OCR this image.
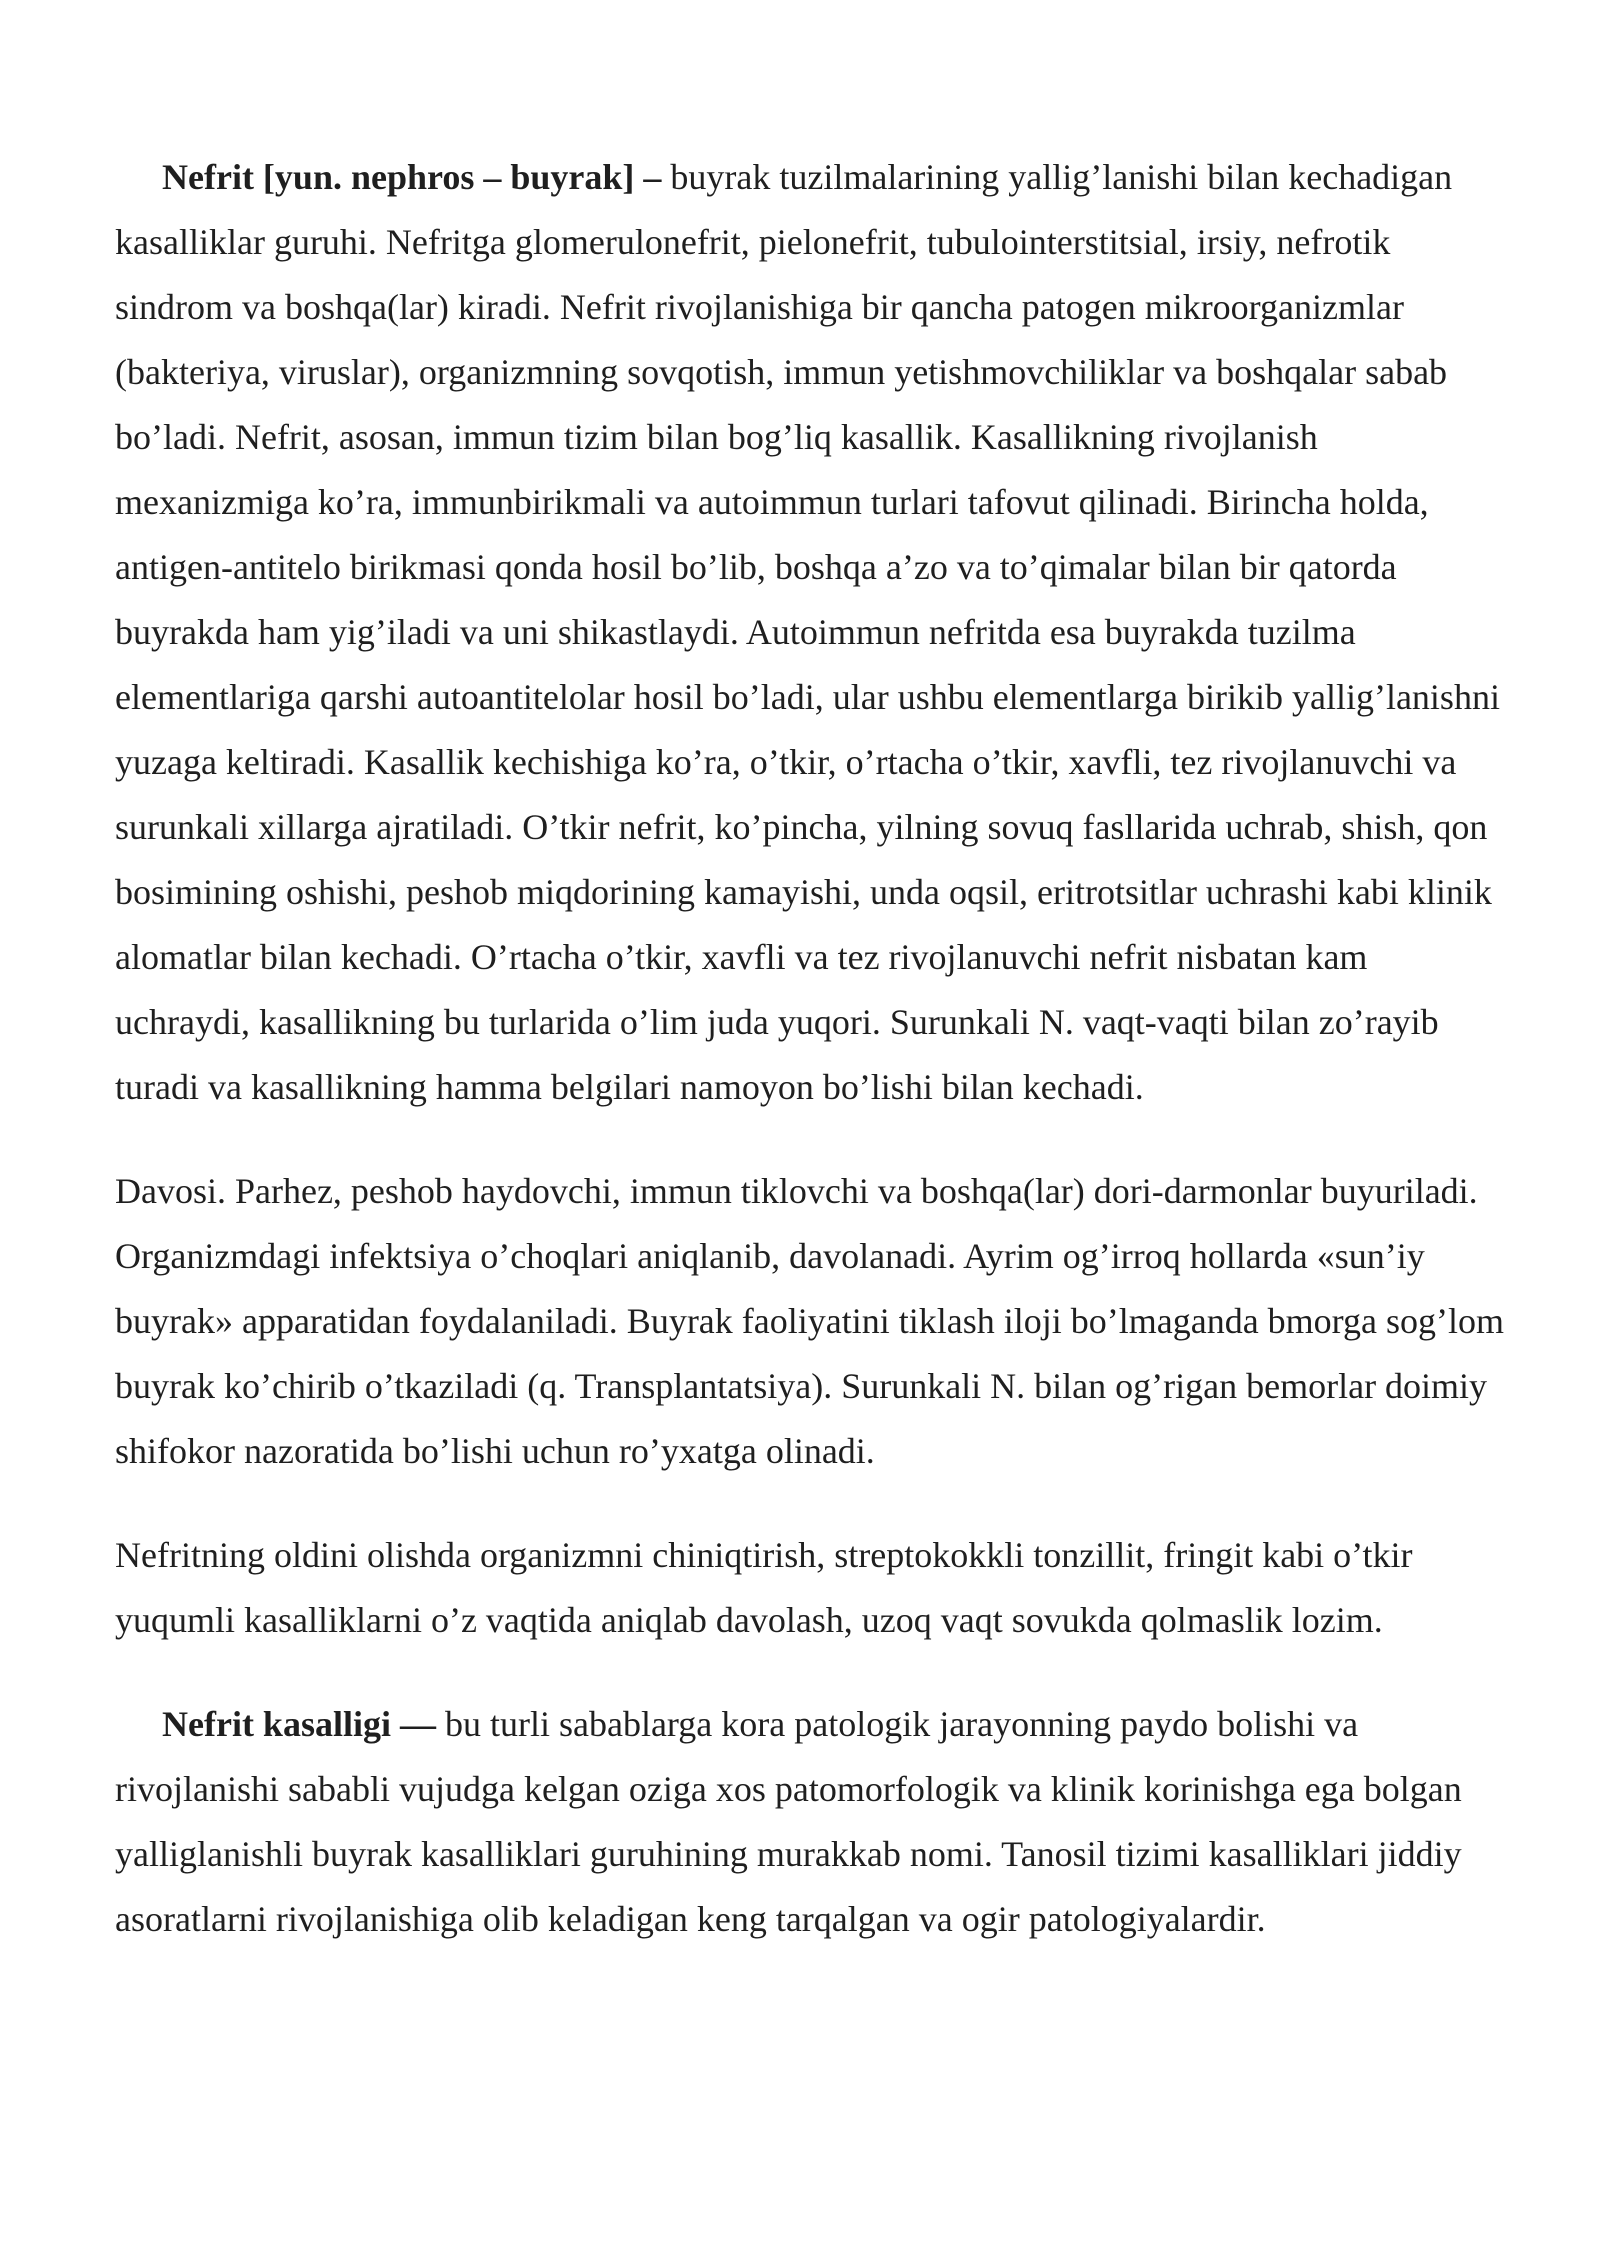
Nefrit [yun. nephros – buyrak] – buyrak tuzilmalarining yallig’lanishi bilan kechadigan kasalliklar guruhi. Nefritga glomerulonefrit, pielonefrit, tubulointerstitsial, irsiy, nefrotik sindrom va boshqa(lar) kiradi. Nefrit rivojlanishiga bir qancha patogen mikroorganizmlar (bakteriya, viruslar), organizmning sovqotish, immun yetishmovchiliklar va boshqalar sabab bo’ladi. Nefrit, asosan, immun tizim bilan bog’liq kasallik. Kasallikning rivojlanish mexanizmiga ko’ra, immunbirikmali va autoimmun turlari tafovut qilinadi. Birincha holda, antigen-antitelo birikmasi qonda hosil bo’lib, boshqa a’zo va to’qimalar bilan bir qatorda buyrakda ham yig’iladi va uni shikastlaydi. Autoimmun nefritda esa buyrakda tuzilma elementlariga qarshi autoantitelolar hosil bo’ladi, ular ushbu elementlarga birikib yallig’lanishni yuzaga keltiradi. Kasallik kechishiga ko’ra, o’tkir, o’rtacha o’tkir, xavfli, tez rivojlanuvchi va surunkali xillarga ajratiladi. O’tkir nefrit, ko’pincha, yilning sovuq fasllarida uchrab, shish, qon bosimining oshishi, peshob miqdorining kamayishi, unda oqsil, eritrotsitlar uchrashi kabi klinik alomatlar bilan kechadi. O’rtacha o’tkir, xavfli va tez rivojlanuvchi nefrit nisbatan kam uchraydi, kasallikning bu turlarida o’lim juda yuqori. Surunkali N. vaqt-vaqti bilan zo’rayib turadi va kasallikning hamma belgilari namoyon bo’lishi bilan kechadi.

Davosi. Parhez, peshob haydovchi, immun tiklovchi va boshqa(lar) dori-darmonlar buyuriladi. Organizmdagi infektsiya o’choqlari aniqlanib, davolanadi. Ayrim og’irroq hollarda «sun’iy buyrak» apparatidan foydalaniladi. Buyrak faoliyatini tiklash iloji bo’lmaganda bmorga sog’lom buyrak ko’chirib o’tkaziladi (q. Transplantatsiya). Surunkali N. bilan og’rigan bemorlar doimiy shifokor nazoratida bo’lishi uchun ro’yxatga olinadi.

Nefritning oldini olishda organizmni chiniqtirish, streptokokkli tonzillit, fringit kabi o’tkir yuqumli kasalliklarni o’z vaqtida aniqlab davolash, uzoq vaqt sovukda qolmaslik lozim.

Nefrit kasalligi — bu turli sabablarga kora patologik jarayonning paydo bolishi va rivojlanishi sababli vujudga kelgan oziga xos patomorfologik va klinik korinishga ega bolgan yalliglanishli buyrak kasalliklari guruhining murakkab nomi. Tanosil tizimi kasalliklari jiddiy asoratlarni rivojlanishiga olib keladigan keng tarqalgan va ogir patologiyalardir.
